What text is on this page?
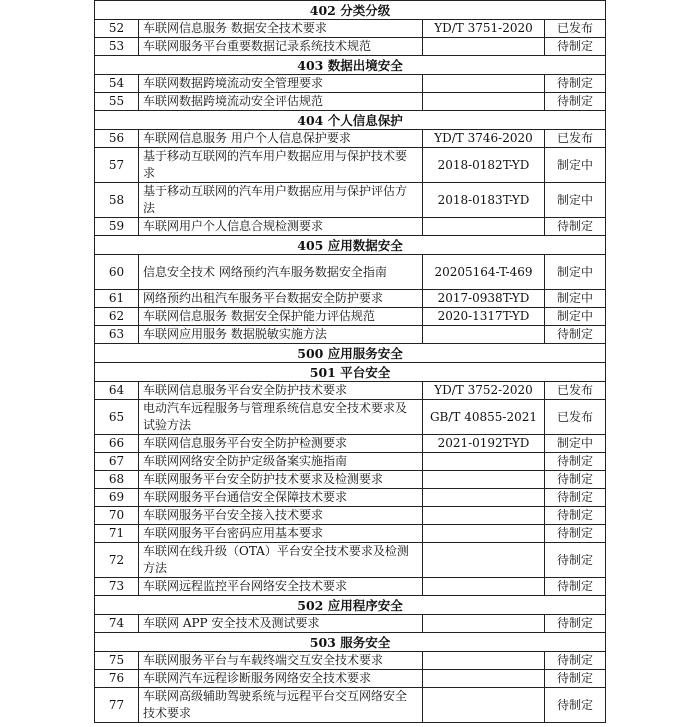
402 分类分级			
52	车联网信息服务 数据安全技术要求	YD/T 3751-2020	已发布
53	车联网服务平台重要数据记录系统技术规范		待制定
403 数据出境安全			
54	车联网数据跨境流动安全管理要求		待制定
55	车联网数据跨境流动安全评估规范		待制定
404 个人信息保护			
56	车联网信息服务 用户个人信息保护要求	YD/T 3746-2020	已发布
57	基于移动互联网的汽车用户数据应用与保护技术要求	2018-0182T-YD	制定中
58	基于移动互联网的汽车用户数据应用与保护评估方法	2018-0183T-YD	制定中
59	车联网用户个人信息合规检测要求		待制定
405 应用数据安全			
60	信息安全技术 网络预约汽车服务数据安全指南	20205164-T-469	制定中
61	网络预约出租汽车服务平台数据安全防护要求	2017-0938T-YD	制定中
62	车联网信息服务 数据安全保护能力评估规范	2020-1317T-YD	制定中
63	车联网应用服务 数据脱敏实施方法		待制定
500 应用服务安全			
501 平台安全			
64	车联网信息服务平台安全防护技术要求	YD/T 3752-2020	已发布
65	电动汽车远程服务与管理系统信息安全技术要求及试验方法	GB/T 40855-2021	已发布
66	车联网信息服务平台安全防护检测要求	2021-0192T-YD	制定中
67	车联网网络安全防护定级备案实施指南		待制定
68	车联网服务平台安全防护技术要求及检测要求		待制定
69	车联网服务平台通信安全保障技术要求		待制定
70	车联网服务平台安全接入技术要求		待制定
71	车联网服务平台密码应用基本要求		待制定
72	车联网在线升级（OTA）平台安全技术要求及检测方法		待制定
73	车联网远程监控平台网络安全技术要求		待制定
502 应用程序安全			
74	车联网 APP 安全技术及测试要求		待制定
503 服务安全			
75	车联网服务平台与车载终端交互安全技术要求		待制定
76	车联网汽车远程诊断服务网络安全技术要求		待制定
77	车联网高级辅助驾驶系统与远程平台交互网络安全技术要求		待制定
